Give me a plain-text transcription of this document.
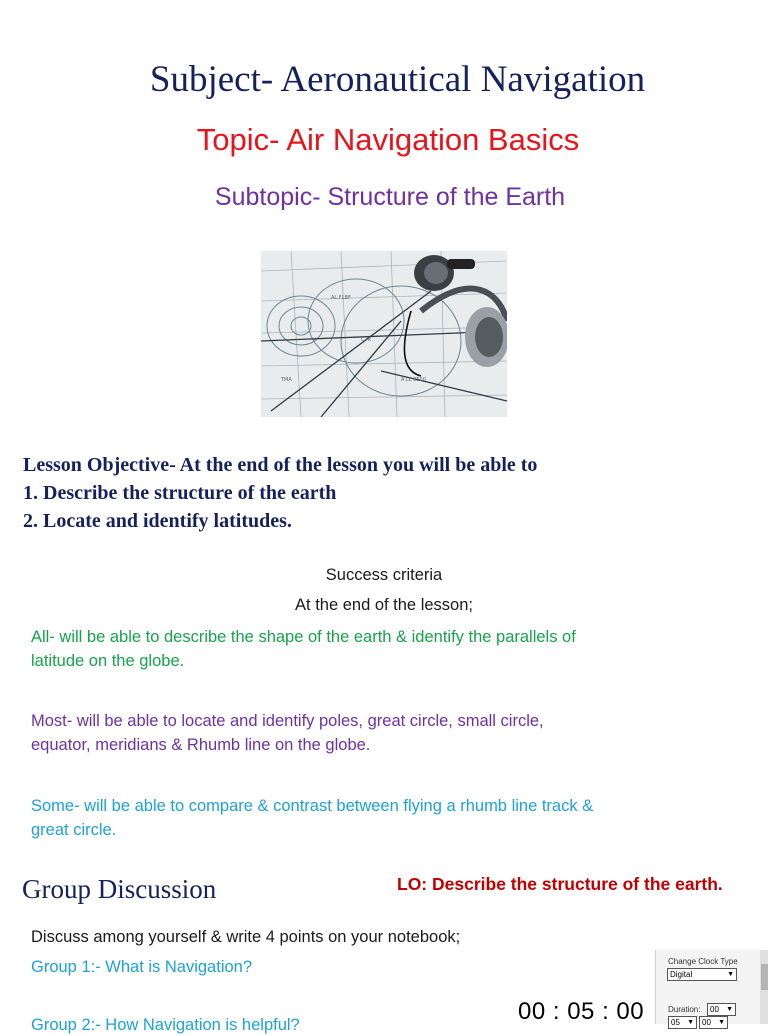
Subject- Aeronautical Navigation
Topic- Air Navigation Basics
Subtopic- Structure of the Earth
AL FLBF
A LL 3500
CTR
TMA
Lesson Objective- At the end of the lesson you will be able to
1. Describe the structure of the earth
2. Locate and identify latitudes.
Success criteria
At the end of the lesson;
All- will be able to describe the shape of the earth & identify the parallels of
latitude on the globe.
Most- will be able to locate and identify poles, great circle, small circle,
equator, meridians & Rhumb line on the globe.
Some- will be able to compare & contrast between flying a rhumb line track &
great circle.
Group Discussion	LO: Describe the structure of the earth.
Discuss among yourself & write 4 points on your notebook;
Group 1:- What is Navigation?
Group 2:- How Navigation is helpful?	00 : 05 : 00
Change Clock Type
Digital	▼
Duration:	00 ▼
05 ▼	00 ▼
